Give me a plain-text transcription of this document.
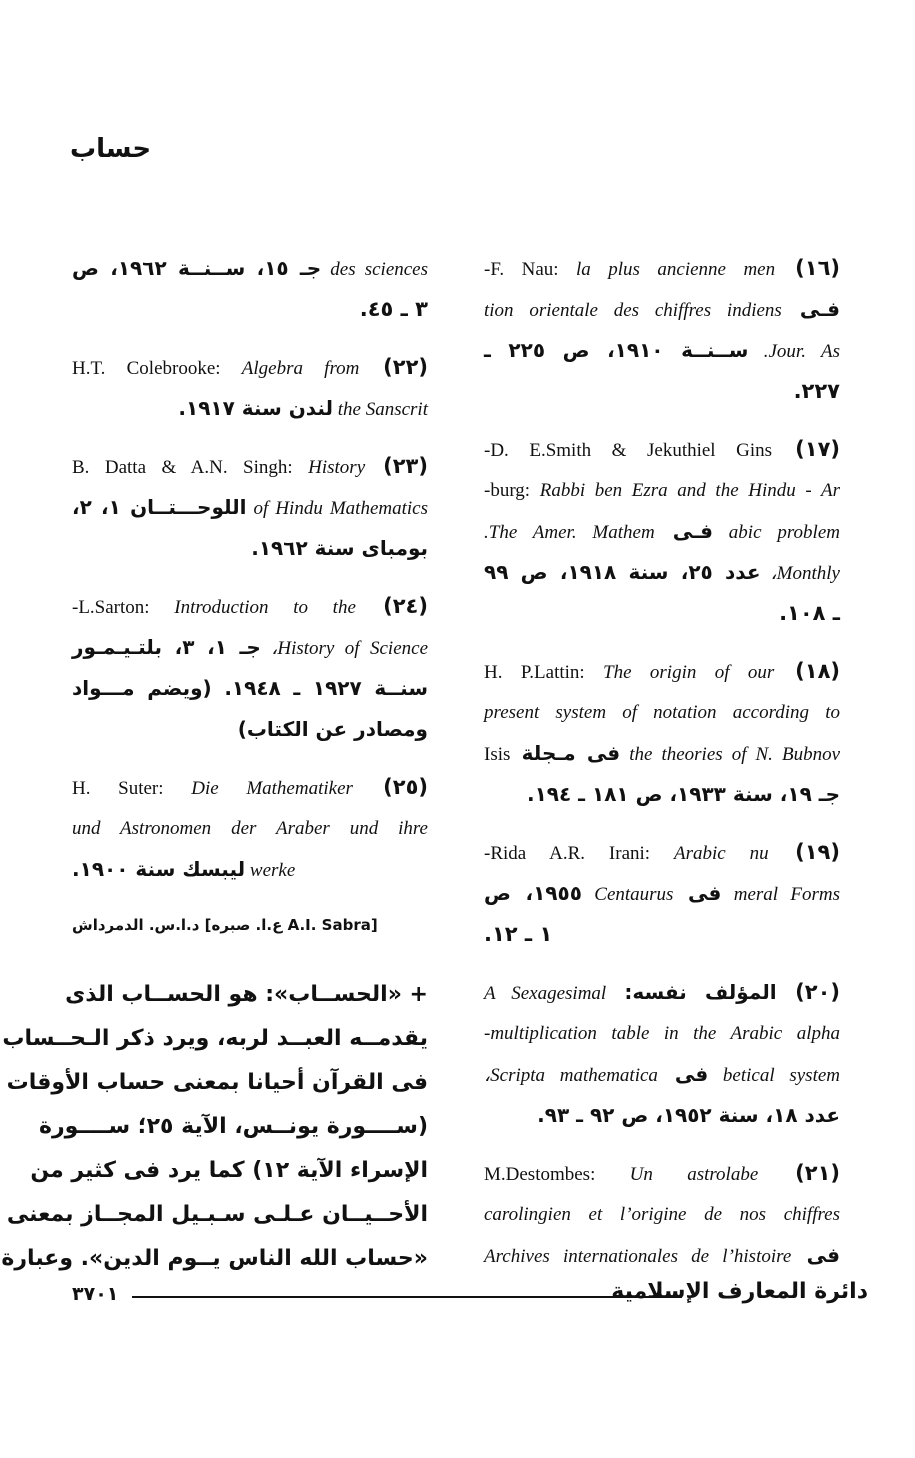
حساب
(١٦) F. Nau: la plus ancienne men-
فـى tion orientale des chiffres indiens
Jour. As. ســنــة ١٩١٠، ص ٢٢٥ ـ
٢٢٧.
(١٧) D. E.Smith & Jekuthiel Gins-
burg: Rabbi ben Ezra and the Hindu - Ar-
abic problem فـى The Amer. Mathem.
Monthly، عدد ٢٥، سنة ١٩١٨، ص ٩٩
ـ ١٠٨.
(١٨) H. P.Lattin: The origin of our
present system of notation according to
the theories of N. Bubnov فى مـجلة Isis
جـ ١٩، سنة ١٩٣٣، ص ١٨١ ـ ١٩٤.
(١٩) Rida A.R. Irani: Arabic nu-
meral Forms فى Centaurus ١٩٥٥، ص
١ ـ ١٢.
(٢٠) المؤلف نفسه: A Sexagesimal
multiplication table in the Arabic alpha-
betical system فى Scripta mathematica،
عدد ١٨، سنة ١٩٥٢، ص ٩٢ ـ ٩٣.
(٢١) M.Destombes: Un astrolabe
carolingien et l’origine de nos chiffres
فى Archives internationales de l’histoire
des sciences جـ ١٥، ســنــة ١٩٦٢، ص
٣ ـ ٤٥.
(٢٢) H.T. Colebrooke: Algebra from
the Sanscrit لندن سنة ١٩١٧.
(٢٣) B. Datta & A.N. Singh: History
of Hindu Mathematics اللوحـــتــان ١، ٢،
بومباى سنة ١٩٦٢.
(٢٤) L.Sarton: Introduction to the-
History of Science، جـ ١، ٣، بلتـيـمـور
سنــة ١٩٢٧ ـ ١٩٤٨. (ويضم مـــواد
ومصادر عن الكتاب)
(٢٥) H. Suter: Die Mathematiker
und Astronomen der Araber und ihre
werke ليبسك سنة ١٩٠٠.
د.ا.س. الدمرداش [ع.ا. صبره A.I. Sabra]
+ «الحســاب»: هو الحســاب الذى
يقدمــه العبــد لربه، ويرد ذكر الـحــساب
فى القرآن أحيانا بمعنى حساب الأوقات
(ســــورة يونــس، الآية ٢٥؛ ســــورة
الإسراء الآية ١٢) كما يرد فى كثير من
الأحــيــان عـلـى سـبـيل المجــاز بمعنى
«حساب الله الناس يــوم الدين». وعبارة
٣٧٠١	دائرة المعارف الإسلامية
